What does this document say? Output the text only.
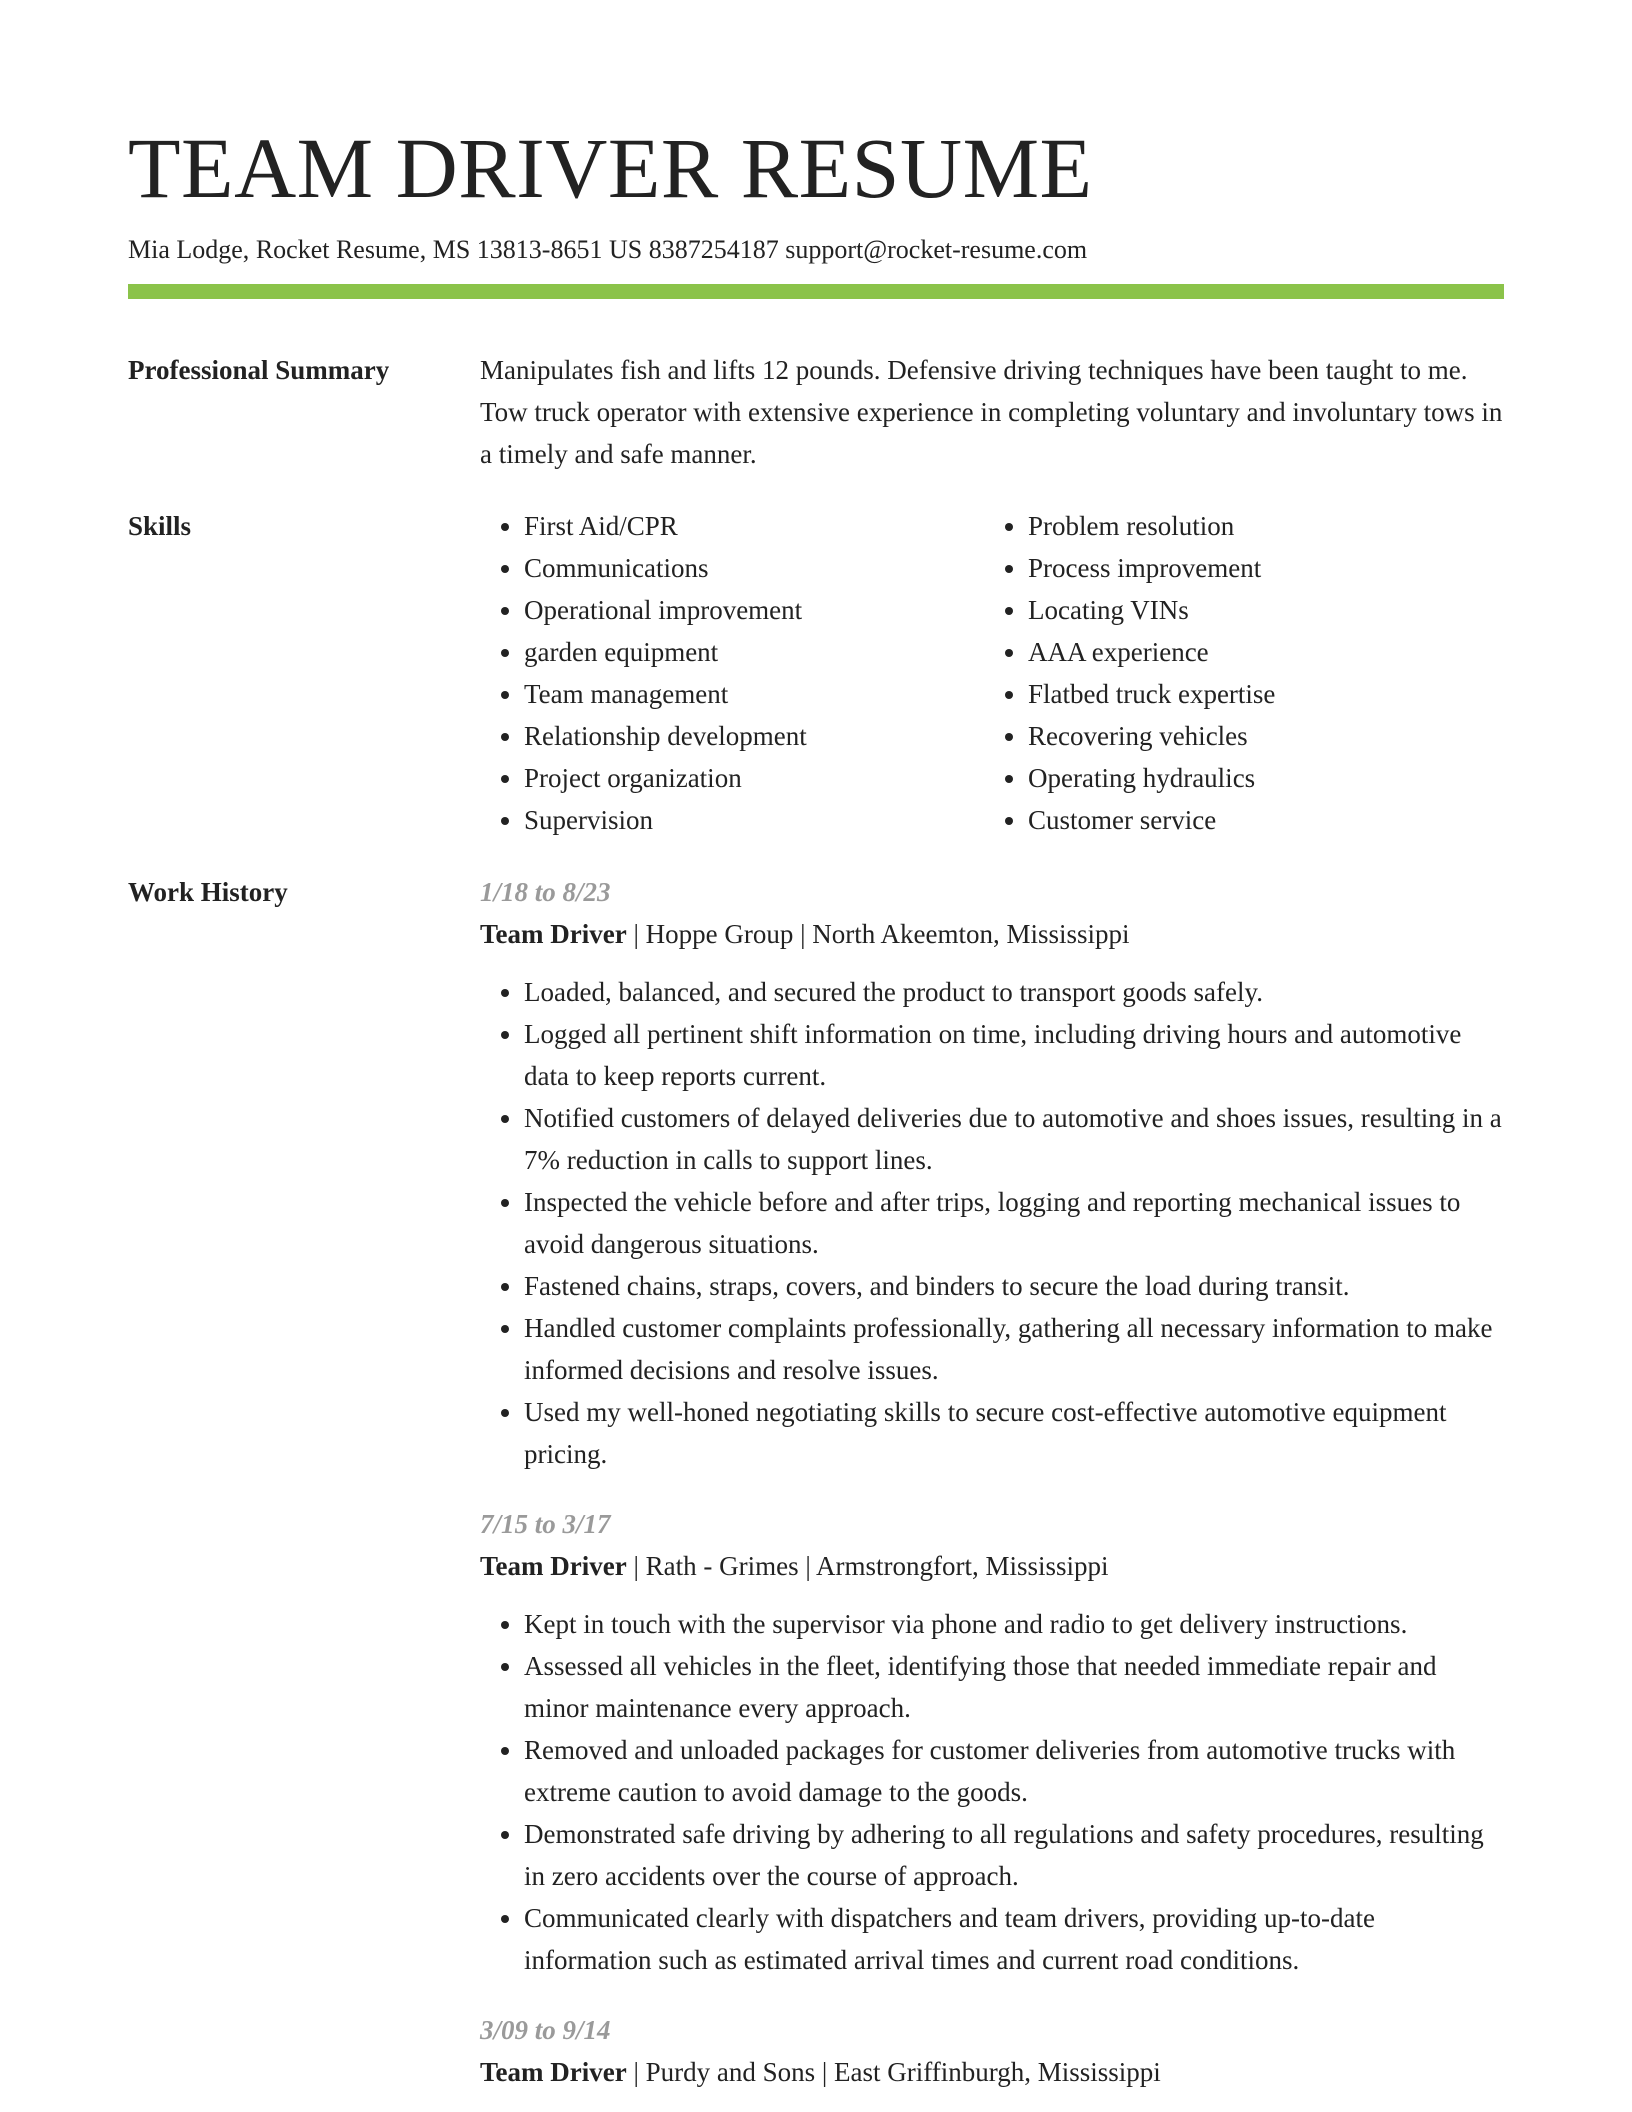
TEAM DRIVER RESUME
Mia Lodge, Rocket Resume, MS 13813-8651 US 8387254187 support@rocket-resume.com
Professional Summary	Manipulates fish and lifts 12 pounds. Defensive driving techniques have been taught to me. Tow truck operator with extensive experience in completing voluntary and involuntary tows in a timely and safe manner.
Skills
•	First Aid/CPR
• Communications
• Operational improvement
• garden equipment
• Team management
• Relationship development
• Project organization
• Supervision
• Problem resolution
• Process improvement
• Locating VINs
• AAA experience
• Flatbed truck expertise
• Recovering vehicles
• Operating hydraulics
• Customer service
Work History	1/18 to 8/23
Team Driver | Hoppe Group | North Akeemton, Mississippi
• Loaded, balanced, and secured the product to transport goods safely.
• Logged all pertinent shift information on time, including driving hours and automotive data to keep reports current.
• Notified customers of delayed deliveries due to automotive and shoes issues, resulting in a 7% reduction in calls to support lines.
• Inspected the vehicle before and after trips, logging and reporting mechanical issues to avoid dangerous situations.
• Fastened chains, straps, covers, and binders to secure the load during transit.
• Handled customer complaints professionally, gathering all necessary information to make informed decisions and resolve issues.
• Used my well-honed negotiating skills to secure cost-effective automotive equipment pricing.
7/15 to 3/17
Team Driver | Rath - Grimes | Armstrongfort, Mississippi
• Kept in touch with the supervisor via phone and radio to get delivery instructions.
• Assessed all vehicles in the fleet, identifying those that needed immediate repair and minor maintenance every approach.
• Removed and unloaded packages for customer deliveries from automotive trucks with extreme caution to avoid damage to the goods.
• Demonstrated safe driving by adhering to all regulations and safety procedures, resulting in zero accidents over the course of approach.
• Communicated clearly with dispatchers and team drivers, providing up-to-date information such as estimated arrival times and current road conditions.
3/09 to 9/14
Team Driver | Purdy and Sons | East Griffinburgh, Mississippi
